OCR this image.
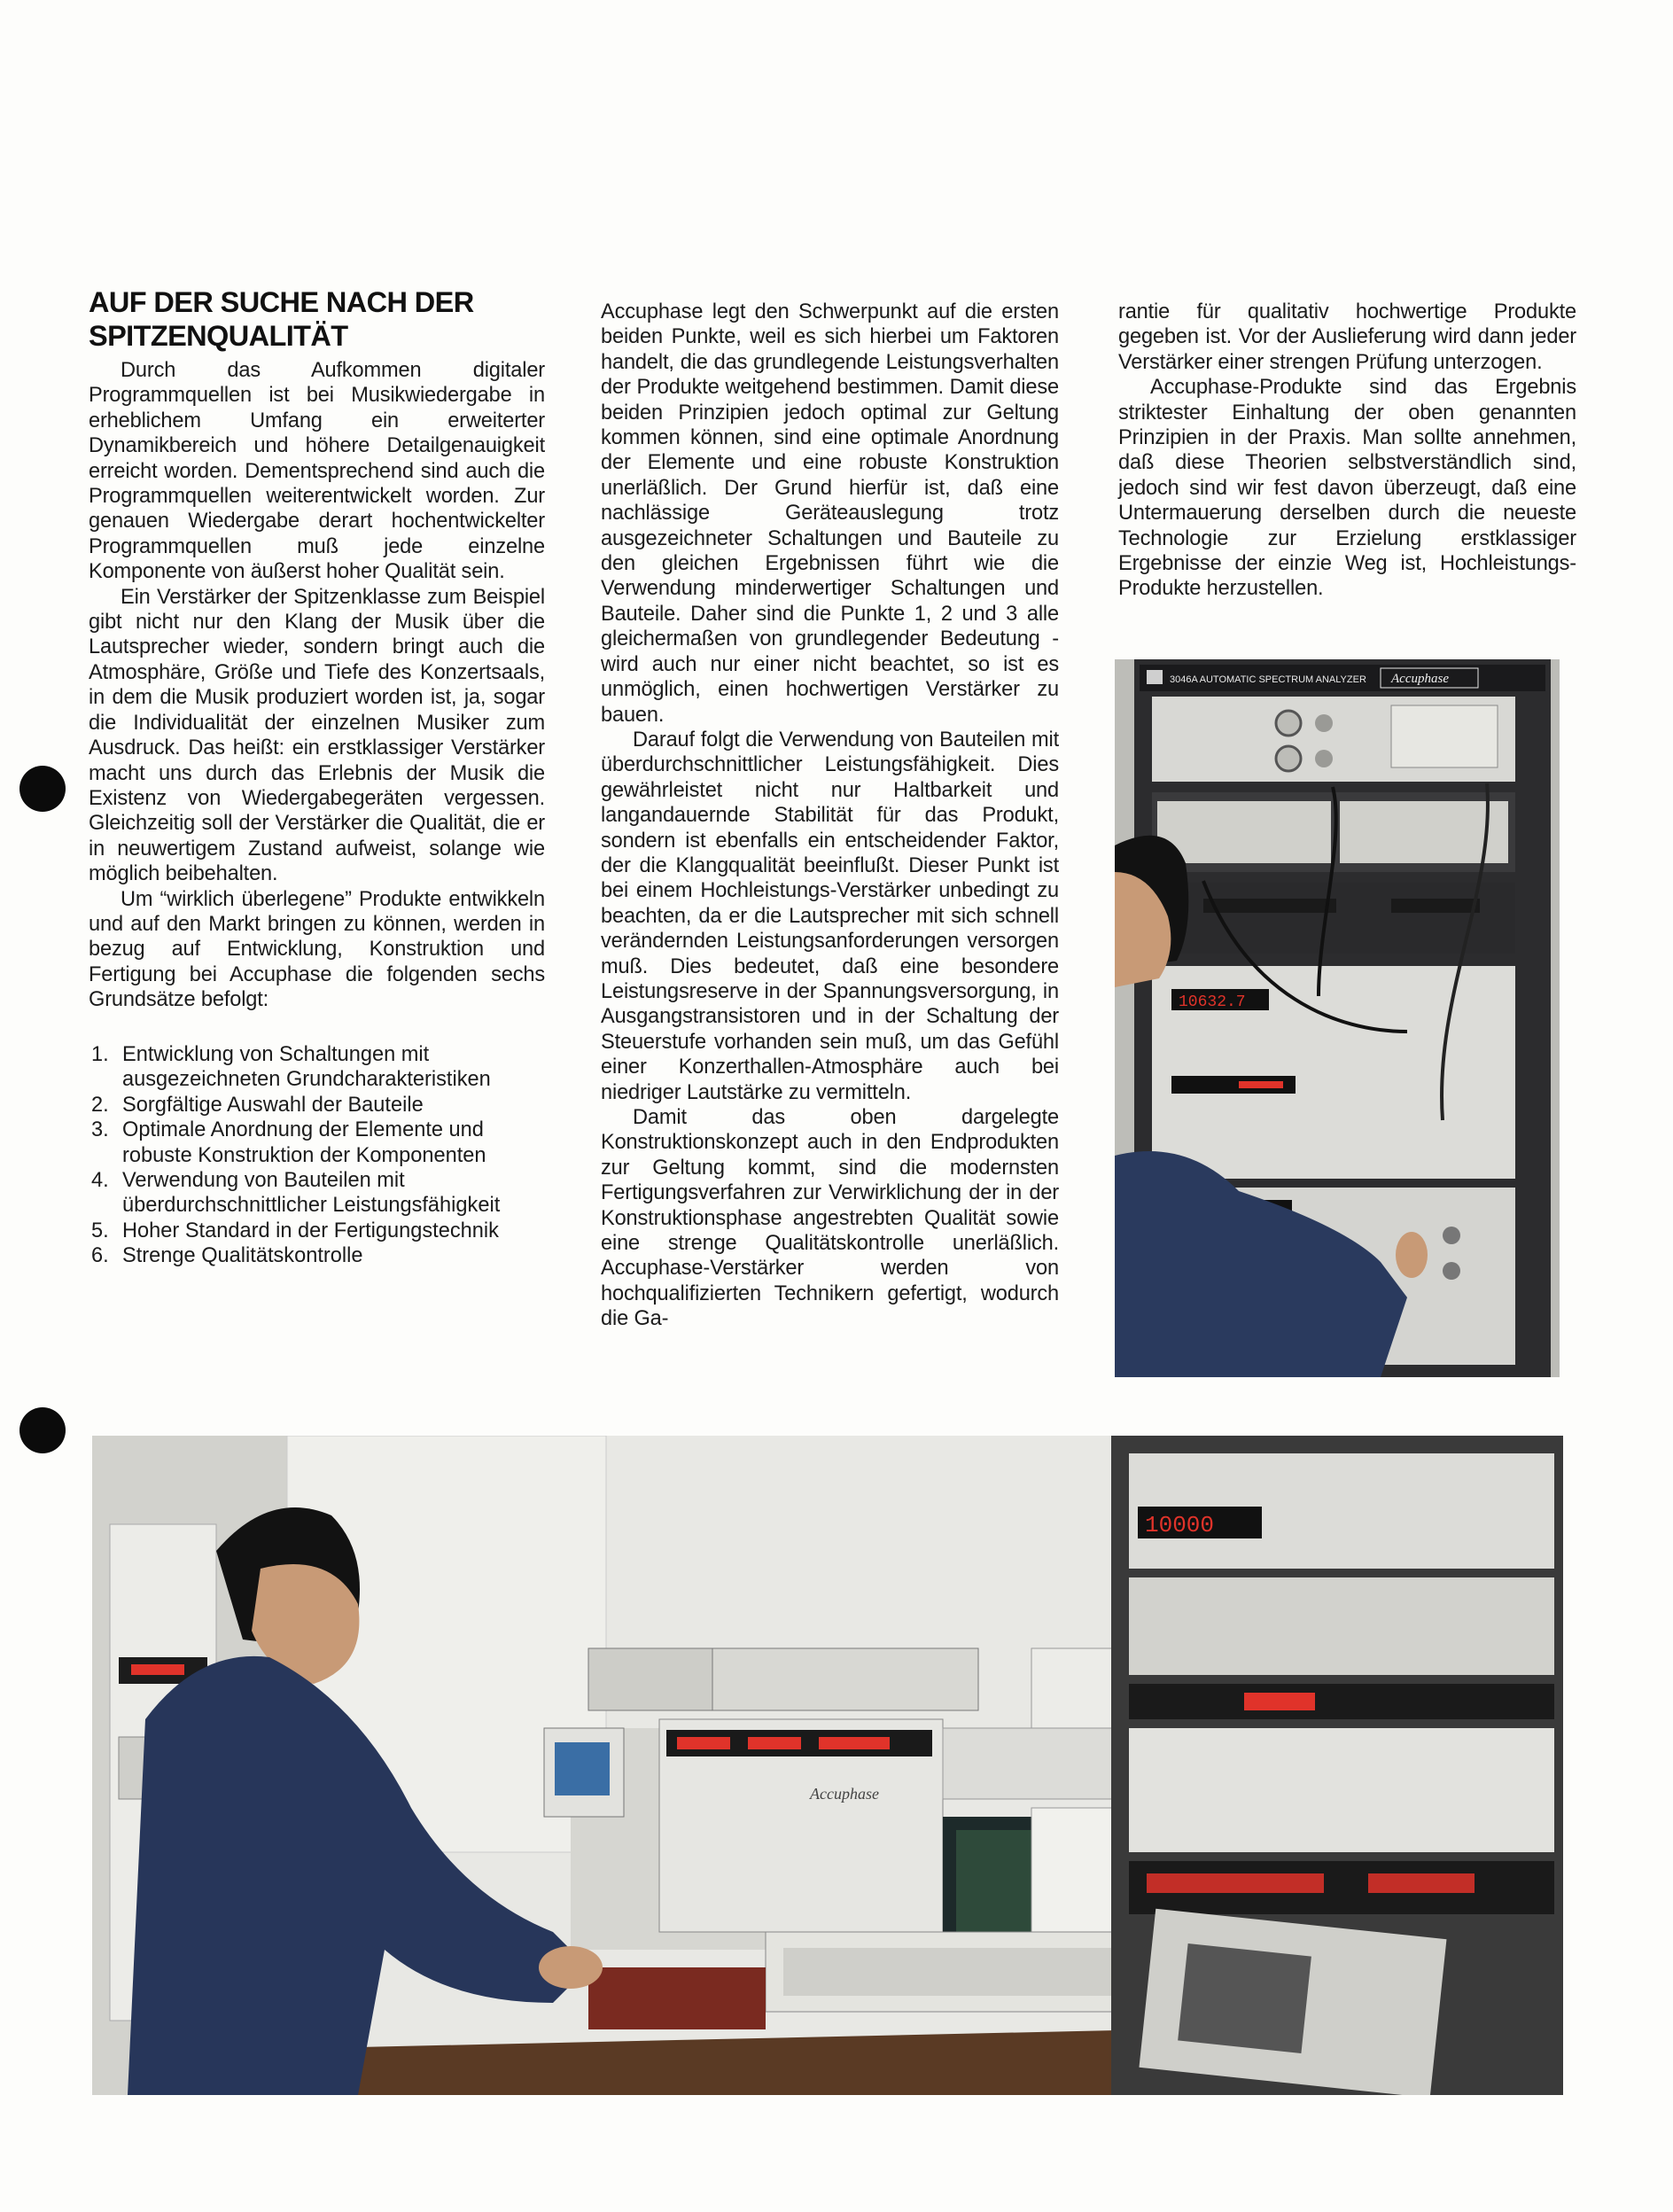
AUF DER SUCHE NACH DER
SPITZENQUALITÄT

Durch das Aufkommen digitaler Programmquellen ist bei Musikwiedergabe in erheblichem Umfang ein erweiterter Dynamikbereich und höhere Detailgenauigkeit erreicht worden. Dementsprechend sind auch die Programmquellen weiterentwickelt worden. Zur genauen Wiedergabe derart hochentwickelter Programmquellen muß jede einzelne Komponente von äußerst hoher Qualität sein.

Ein Verstärker der Spitzenklasse zum Beispiel gibt nicht nur den Klang der Musik über die Lautsprecher wieder, sondern bringt auch die Atmosphäre, Größe und Tiefe des Konzertsaals, in dem die Musik produziert worden ist, ja, sogar die Individualität der einzelnen Musiker zum Ausdruck. Das heißt: ein erstklassiger Verstärker macht uns durch das Erlebnis der Musik die Existenz von Wiedergabegeräten vergessen. Gleichzeitig soll der Verstärker die Qualität, die er in neuwertigem Zustand aufweist, solange wie möglich beibehalten.

Um “wirklich überlegene” Produkte entwikkeln und auf den Markt bringen zu können, werden in bezug auf Entwicklung, Konstruktion und Fertigung bei Accuphase die folgenden sechs Grundsätze befolgt:

1. Entwicklung von Schaltungen mit ausgezeichneten Grundcharakteristiken
2. Sorgfältige Auswahl der Bauteile
3. Optimale Anordnung der Elemente und robuste Konstruktion der Komponenten
4. Verwendung von Bauteilen mit überdurchschnittlicher Leistungsfähigkeit
5. Hoher Standard in der Fertigungstechnik
6. Strenge Qualitätskontrolle

Accuphase legt den Schwerpunkt auf die ersten beiden Punkte, weil es sich hierbei um Faktoren handelt, die das grundlegende Leistungsverhalten der Produkte weitgehend bestimmen. Damit diese beiden Prinzipien jedoch optimal zur Geltung kommen können, sind eine optimale Anordnung der Elemente und eine robuste Konstruktion unerläßlich. Der Grund hierfür ist, daß eine nachlässige Geräteauslegung trotz ausgezeichneter Schaltungen und Bauteile zu den gleichen Ergebnissen führt wie die Verwendung minderwertiger Schaltungen und Bauteile. Daher sind die Punkte 1, 2 und 3 alle gleichermaßen von grundlegender Bedeutung - wird auch nur einer nicht beachtet, so ist es unmöglich, einen hochwertigen Verstärker zu bauen.

Darauf folgt die Verwendung von Bauteilen mit überdurchschnittlicher Leistungsfähigkeit. Dies gewährleistet nicht nur Haltbarkeit und langandauernde Stabilität für das Produkt, sondern ist ebenfalls ein entscheidender Faktor, der die Klangqualität beeinflußt. Dieser Punkt ist bei einem Hochleistungs-Verstärker unbedingt zu beachten, da er die Lautsprecher mit sich schnell verändernden Leistungsanforderungen versorgen muß. Dies bedeutet, daß eine besondere Leistungsreserve in der Spannungsversorgung, in Ausgangstransistoren und in der Schaltung der Steuerstufe vorhanden sein muß, um das Gefühl einer Konzerthallen-Atmosphäre auch bei niedriger Lautstärke zu vermitteln.

Damit das oben dargelegte Konstruktionskonzept auch in den Endprodukten zur Geltung kommt, sind die modernsten Fertigungsverfahren zur Verwirklichung der in der Konstruktionsphase angestrebten Qualität sowie eine strenge Qualitätskontrolle unerläßlich. Accuphase-Verstärker werden von hochqualifizierten Technikern gefertigt, wodurch die Ga-

rantie für qualitativ hochwertige Produkte gegeben ist. Vor der Auslieferung wird dann jeder Verstärker einer strengen Prüfung unterzogen.

Accuphase-Produkte sind das Ergebnis striktester Einhaltung der oben genannten Prinzipien in der Praxis. Man sollte annehmen, daß diese Theorien selbstverständlich sind, jedoch sind wir fest davon überzeugt, daß eine Untermauerung derselben durch die neueste Technologie zur Erzielung erstklassiger Ergebnisse der einzie Weg ist, Hochleistungs-Produkte herzustellen.

3046A AUTOMATIC SPECTRUM ANALYZER Accuphase
10632.7
Accuphase
10000
